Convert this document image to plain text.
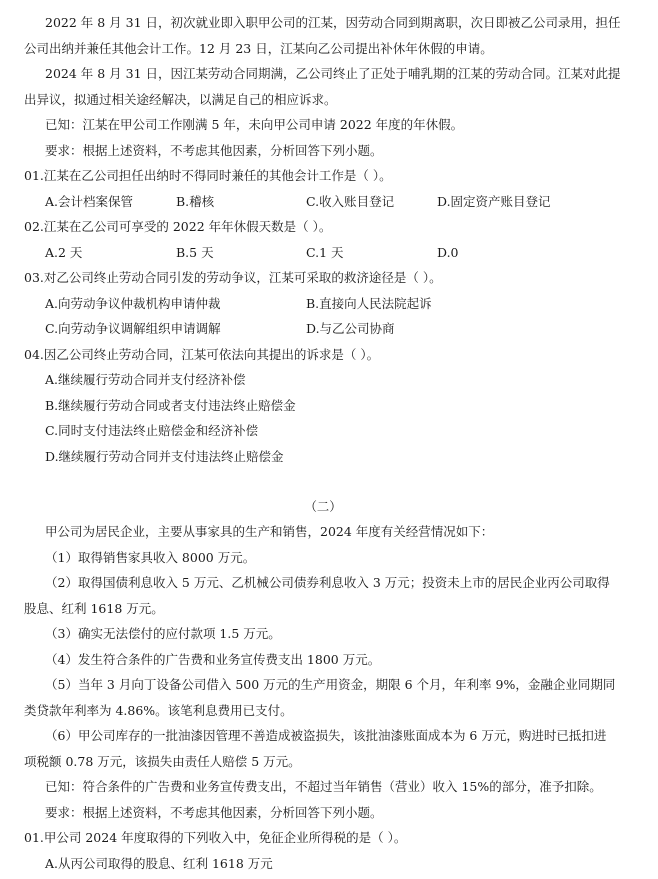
2022 年 8 月 31 日，初次就业即入职甲公司的江某，因劳动合同到期离职，次日即被乙公司录用，担任
公司出纳并兼任其他会计工作。12 月 23 日，江某向乙公司提出补休年休假的申请。
2024 年 8 月 31 日，因江某劳动合同期满，乙公司终止了正处于哺乳期的江某的劳动合同。江某对此提
出异议，拟通过相关途经解决，以满足自己的相应诉求。
已知：江某在甲公司工作刚满 5 年，未向甲公司申请 2022 年度的年休假。
要求：根据上述资料，不考虑其他因素，分析回答下列小题。
01.江某在乙公司担任出纳时不得同时兼任的其他会计工作是（ ）。
A.会计档案保管	B.稽核	C.收入账目登记	D.固定资产账目登记
02.江某在乙公司可享受的 2022 年年休假天数是（ ）。
A.2 天	B.5 天	C.1 天	D.0
03.对乙公司终止劳动合同引发的劳动争议，江某可采取的救济途径是（ ）。
A.向劳动争议仲裁机构申请仲裁	B.直接向人民法院起诉
C.向劳动争议调解组织申请调解	D.与乙公司协商
04.因乙公司终止劳动合同，江某可依法向其提出的诉求是（ ）。
A.继续履行劳动合同并支付经济补偿
B.继续履行劳动合同或者支付违法终止赔偿金
C.同时支付违法终止赔偿金和经济补偿
D.继续履行劳动合同并支付违法终止赔偿金
（二）
甲公司为居民企业，主要从事家具的生产和销售，2024 年度有关经营情况如下：
（1）取得销售家具收入 8000 万元。
（2）取得国债利息收入 5 万元、乙机械公司债券利息收入 3 万元；投资未上市的居民企业丙公司取得
股息、红利 1618 万元。
（3）确实无法偿付的应付款项 1.5 万元。
（4）发生符合条件的广告费和业务宣传费支出 1800 万元。
（5）当年 3 月向丁设备公司借入 500 万元的生产用资金，期限 6 个月，年利率 9%，金融企业同期同
类贷款年利率为 4.86%。该笔利息费用已支付。
（6）甲公司库存的一批油漆因管理不善造成被盗损失，该批油漆账面成本为 6 万元，购进时已抵扣进
项税额 0.78 万元，该损失由责任人赔偿 5 万元。
已知：符合条件的广告费和业务宣传费支出，不超过当年销售（营业）收入 15%的部分，准予扣除。
要求：根据上述资料，不考虑其他因素，分析回答下列小题。
01.甲公司 2024 年度取得的下列收入中，免征企业所得税的是（ ）。
A.从丙公司取得的股息、红利 1618 万元
